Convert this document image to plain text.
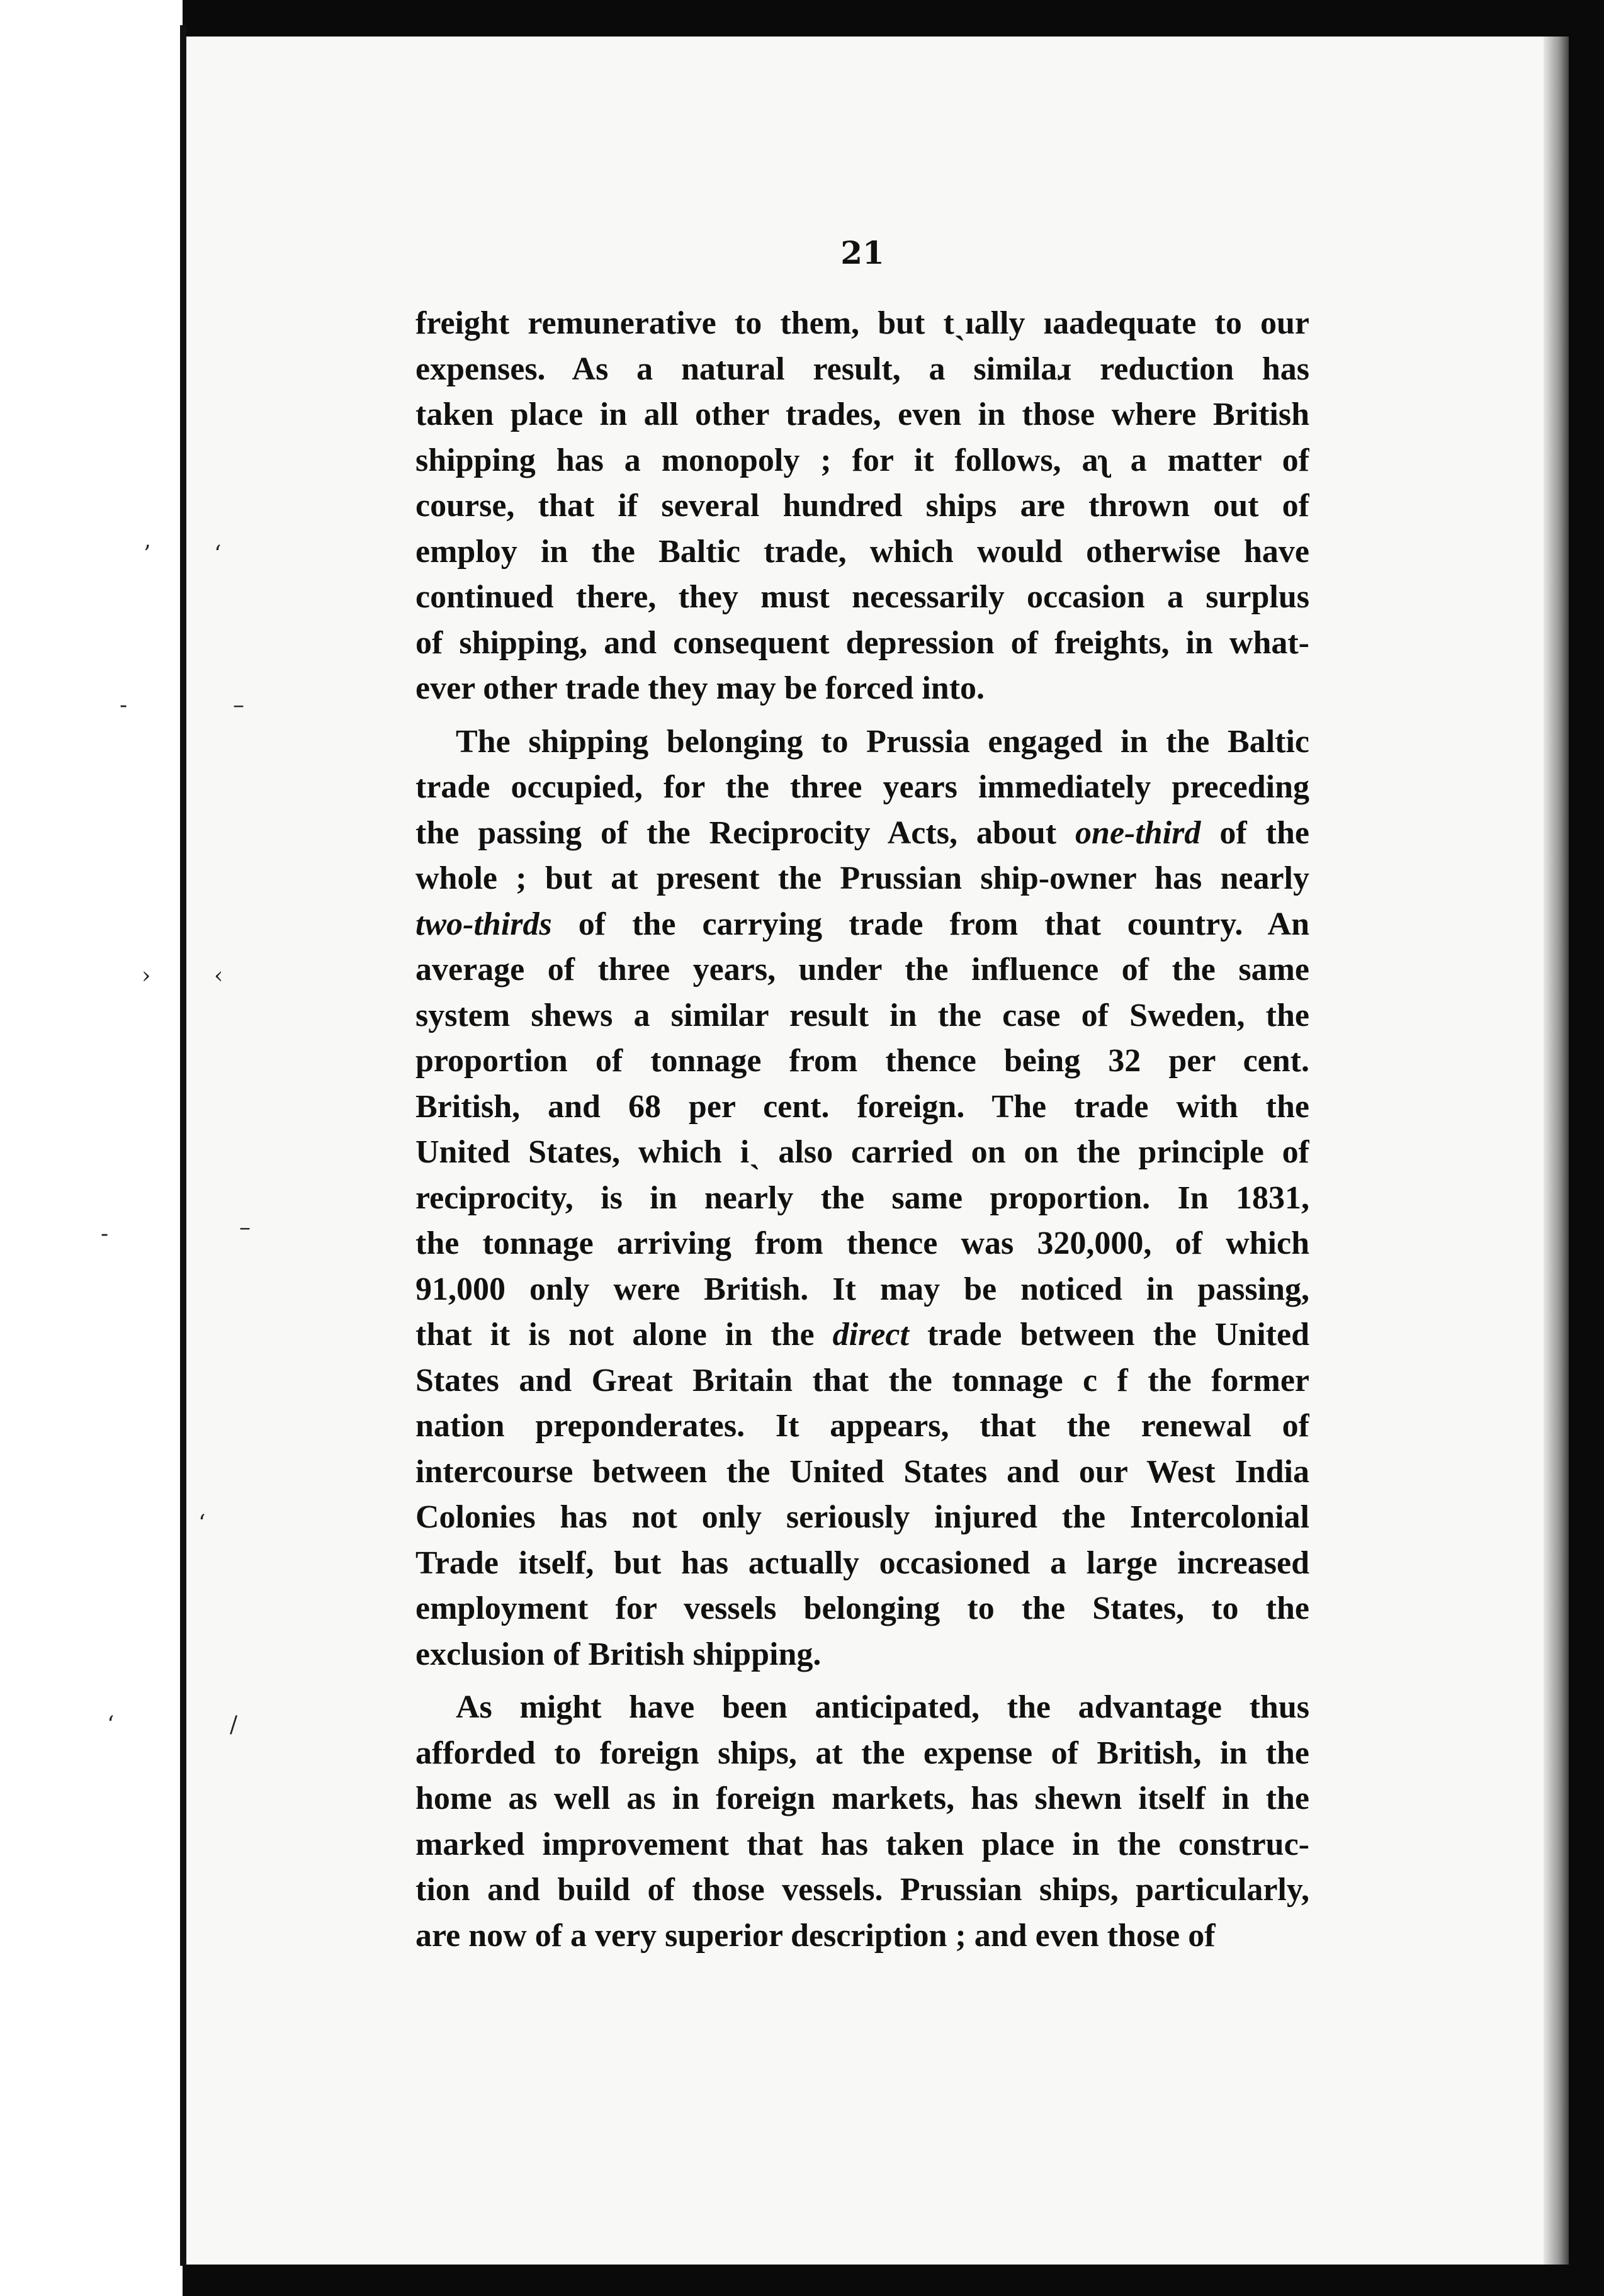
’	‘
-	–
›	‹
-	–
‘
‘	/
21
freight remunerative to them, but tˎıally ıaadequate to our
expenses. As a natural result, a similaɹ reduction has
taken place in all other trades, even in those where British
shipping has a monopoly ; for it follows, aʅ a matter of
course, that if several hundred ships are thrown out of
employ in the Baltic trade, which would otherwise have
continued there, they must necessarily occasion a surplus
of shipping, and consequent depression of freights, in what-
ever other trade they may be forced into.
The shipping belonging to Prussia engaged in the Baltic
trade occupied, for the three years immediately preceding
the passing of the Reciprocity Acts, about one-third of the
whole ; but at present the Prussian ship-owner has nearly
two-thirds of the carrying trade from that country. An
average of three years, under the influence of the same
system shews a similar result in the case of Sweden, the
proportion of tonnage from thence being 32 per cent.
British, and 68 per cent. foreign. The trade with the
United States, which iˎ also carried on on the principle of
reciprocity, is in nearly the same proportion. In 1831,
the tonnage arriving from thence was 320,000, of which
91,000 only were British. It may be noticed in passing,
that it is not alone in the direct trade between the United
States and Great Britain that the tonnage c f the former
nation preponderates. It appears, that the renewal of
intercourse between the United States and our West India
Colonies has not only seriously injured the Intercolonial
Trade itself, but has actually occasioned a large increased
employment for vessels belonging to the States, to the
exclusion of British shipping.
As might have been anticipated, the advantage thus
afforded to foreign ships, at the expense of British, in the
home as well as in foreign markets, has shewn itself in the
marked improvement that has taken place in the construc-
tion and build of those vessels. Prussian ships, particularly,
are now of a very superior description ; and even those of
